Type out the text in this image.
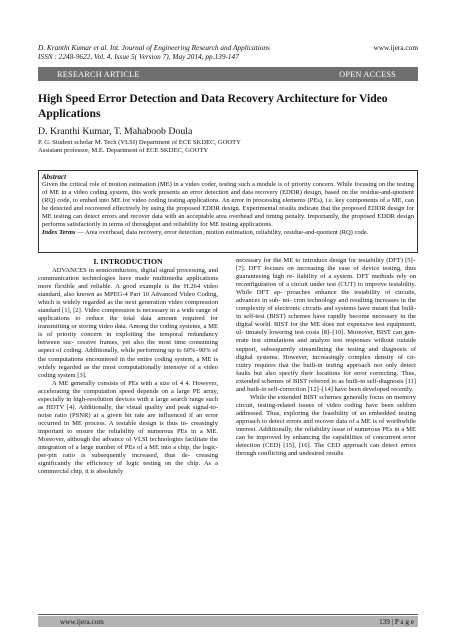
D. Kranthi Kumar et al. Int. Journal of Engineering Research and Applications	www.ijera.com
ISSN : 2248-9622, Vol. 4, Issue 5( Version 7), May 2014, pp.139-147
RESEARCH ARTICLE	OPEN ACCESS
High Speed Error Detection and Data Recovery Architecture for Video Applications
D. Kranthi Kumar, T. Mahaboob Doula
P. G. Student scholar M. Tech (VLSI) Department of ECE SKDEC, GOOTY
Assistant professor, M.E. Department of ECE SKDEC, GOOTY
Abstract
Given the critical role of motion estimation (ME) in a video coder, testing such a module is of priority concern. While focusing on the testing of ME in a video coding system, this work presents an error detection and data recovery (EDDR) design, based on the residue-and-quotient (RQ) code, to embed into ME for video coding testing applications. An error in processing elements (PEs), i.e. key components of a ME, can be detected and recovered effectively by using the proposed EDDR design. Experimental results indicate that the proposed EDDR design for ME testing can detect errors and recover data with an acceptable area overhead and timing penalty. Importantly, the proposed EDDR design performs satisfactorily in terms of throughput and reliability for ME testing applications.
Index Terms — Area overhead, data recovery, error detection, motion estimation, reliability, residue-and-quotient (RQ) code.
I. INTRODUCTION

ADVANCES in semiconductors, digital signal processing, and communication technologies have made multimedia applications more flexible and reliable. A good example is the H.264 video standard, also known as MPEG-4 Part 10 Advanced Video Coding, which is widely regarded as the next generation video compression standard [1], [2]. Video compression is necessary in a wide range of applications to reduce the total data amount required for transmitting or storing video data. Among the coding systems, a ME is of priority concern in exploiting the temporal redundancy between suc- cessive frames, yet also the most time consuming aspect of coding. Additionally, while performing up to 60%–90% of the computations encountered in the entire coding system, a ME is widely regarded as the most computationally intensive of a video coding system [3].

A ME generally consists of PEs with a size of 4 4. However, accelerating the computation speed depends on a large PE array, especially in high-resolution devices with a large search range such as HDTV [4]. Additionally, the visual quality and peak signal-to-noise ratio (PSNR) at a given bit rate are influenced if an error occurred in ME process. A testable design is thus in- creasingly important to ensure the reliability of numerous PEs in a ME. Moreover, although the advance of VLSI technologies facilitate the integration of a large number of PEs of a ME into a chip, the logic-per-pin ratio is subsequently increased, thus de- creasing significantly the efficiency of logic testing on the chip. As a commercial chip, it is absolutely

necessary for the ME to introduce design for testability (DFT) [5]–[7]. DFT focuses on increasing the ease of device testing, thus guaranteeing high re- liability of a system. DFT methods rely on reconfiguration of a circuit under test (CUT) to improve testability. While DFT ap- proaches enhance the testability of circuits, advances in sub- mi- cron technology and resulting increases in the complexity of electronic circuits and systems have meant that built-in self-test (BIST) schemes have rapidly become necessary in the digital world. BIST for the ME does not expensive test equipment, ul- timately lowering test costs [8]–[10]. Moreover, BIST can gen- erate test simulations and analyze test responses without outside support, subsequently streamlining the testing and diagnosis of digital systems. However, increasingly complex density of cir- cuitry requires that the built-in testing approach not only detect faults but also specify their locations for error correcting. Thus, extended schemes of BIST referred to as built-in self-diagnosis [11] and built-in self-correction [12]–[14] have been developed recently.

While the extended BIST schemes generally focus on memory circuit, testing-related issues of video coding have been seldom addressed. Thus, exploring the feasibility of an embedded testing approach to detect errors and recover data of a ME is of worthwhile interest. Additionally, the reliability issue of numerous PEs in a ME can be improved by enhancing the capabilities of concurrent error detection (CED) [15], [16]. The CED approach can detect errors through conflicting and undesired results

www.ijera.com	139 | P a g e
